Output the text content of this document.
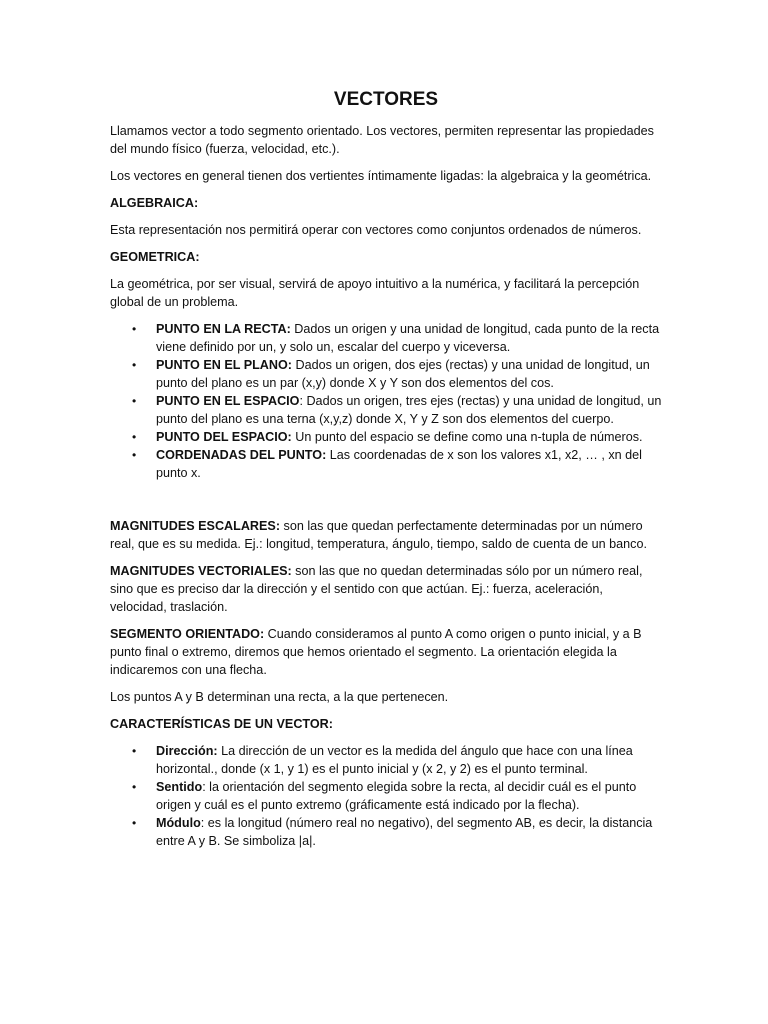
VECTORES

Llamamos vector a todo segmento orientado. Los vectores, permiten representar las propiedades del mundo físico (fuerza, velocidad, etc.).

Los vectores en general tienen dos vertientes íntimamente ligadas: la algebraica y la geométrica.

ALGEBRAICA:

Esta representación nos permitirá operar con vectores como conjuntos ordenados de números.

GEOMETRICA:

La geométrica, por ser visual, servirá de apoyo intuitivo a la numérica, y facilitará la percepción global de un problema.

• PUNTO EN LA RECTA: Dados un origen y una unidad de longitud, cada punto de la recta viene definido por un, y solo un, escalar del cuerpo y viceversa.
• PUNTO EN EL PLANO: Dados un origen, dos ejes (rectas) y una unidad de longitud, un punto del plano es un par (x,y) donde X y Y son dos elementos del cos.
• PUNTO EN EL ESPACIO: Dados un origen, tres ejes (rectas) y una unidad de longitud, un punto del plano es una terna (x,y,z) donde X, Y y Z son dos elementos del cuerpo.
• PUNTO DEL ESPACIO: Un punto del espacio se define como una n-tupla de números.
• CORDENADAS DEL PUNTO: Las coordenadas de x son los valores x1, x2, … , xn del punto x.

MAGNITUDES ESCALARES: son las que quedan perfectamente determinadas por un número real, que es su medida. Ej.: longitud, temperatura, ángulo, tiempo, saldo de cuenta de un banco.

MAGNITUDES VECTORIALES: son las que no quedan determinadas sólo por un número real, sino que es preciso dar la dirección y el sentido con que actúan. Ej.: fuerza, aceleración, velocidad, traslación.

SEGMENTO ORIENTADO: Cuando consideramos al punto A como origen o punto inicial, y a B punto final o extremo, diremos que hemos orientado el segmento. La orientación elegida la indicaremos con una flecha.

Los puntos A y B determinan una recta, a la que pertenecen.

CARACTERÍSTICAS DE UN VECTOR:

• Dirección: La dirección de un vector es la medida del ángulo que hace con una línea horizontal., donde (x 1, y 1) es el punto inicial y (x 2, y 2) es el punto terminal.
• Sentido: la orientación del segmento elegida sobre la recta, al decidir cuál es el punto origen y cuál es el punto extremo (gráficamente está indicado por la flecha).
• Módulo: es la longitud (número real no negativo), del segmento AB, es decir, la distancia entre A y B. Se simboliza |a|.
